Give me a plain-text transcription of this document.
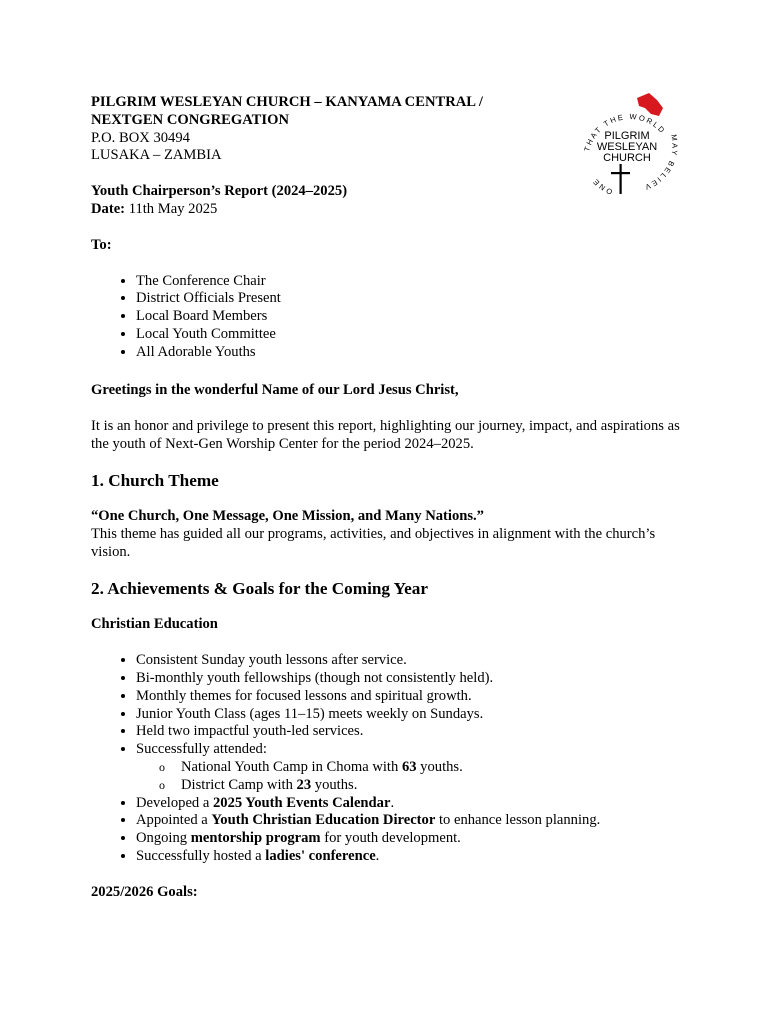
THAT THE WORLD
MAY BELIEV
ONE
PILGRIM
WESLEYAN
CHURCH

PILGRIM WESLEYAN CHURCH – KANYAMA CENTRAL /

NEXTGEN CONGREGATION

P.O. BOX 30494

LUSAKA – ZAMBIA

Youth Chairperson’s Report (2024–2025)

Date: 11th May 2025

To:

• The Conference Chair
• District Officials Present
• Local Board Members
• Local Youth Committee
• All Adorable Youths

Greetings in the wonderful Name of our Lord Jesus Christ,

It is an honor and privilege to present this report, highlighting our journey, impact, and aspirations as the youth of Next-Gen Worship Center for the period 2024–2025.

1. Church Theme

“One Church, One Message, One Mission, and Many Nations.”

This theme has guided all our programs, activities, and objectives in alignment with the church’s vision.

2. Achievements & Goals for the Coming Year

Christian Education

• Consistent Sunday youth lessons after service.
• Bi-monthly youth fellowships (though not consistently held).
• Monthly themes for focused lessons and spiritual growth.
• Junior Youth Class (ages 11–15) meets weekly on Sundays.
• Held two impactful youth-led services.
• Successfully attended:
o National Youth Camp in Choma with 63 youths.
o District Camp with 23 youths.
• Developed a 2025 Youth Events Calendar.
• Appointed a Youth Christian Education Director to enhance lesson planning.
• Ongoing mentorship program for youth development.
• Successfully hosted a ladies' conference.

2025/2026 Goals:
